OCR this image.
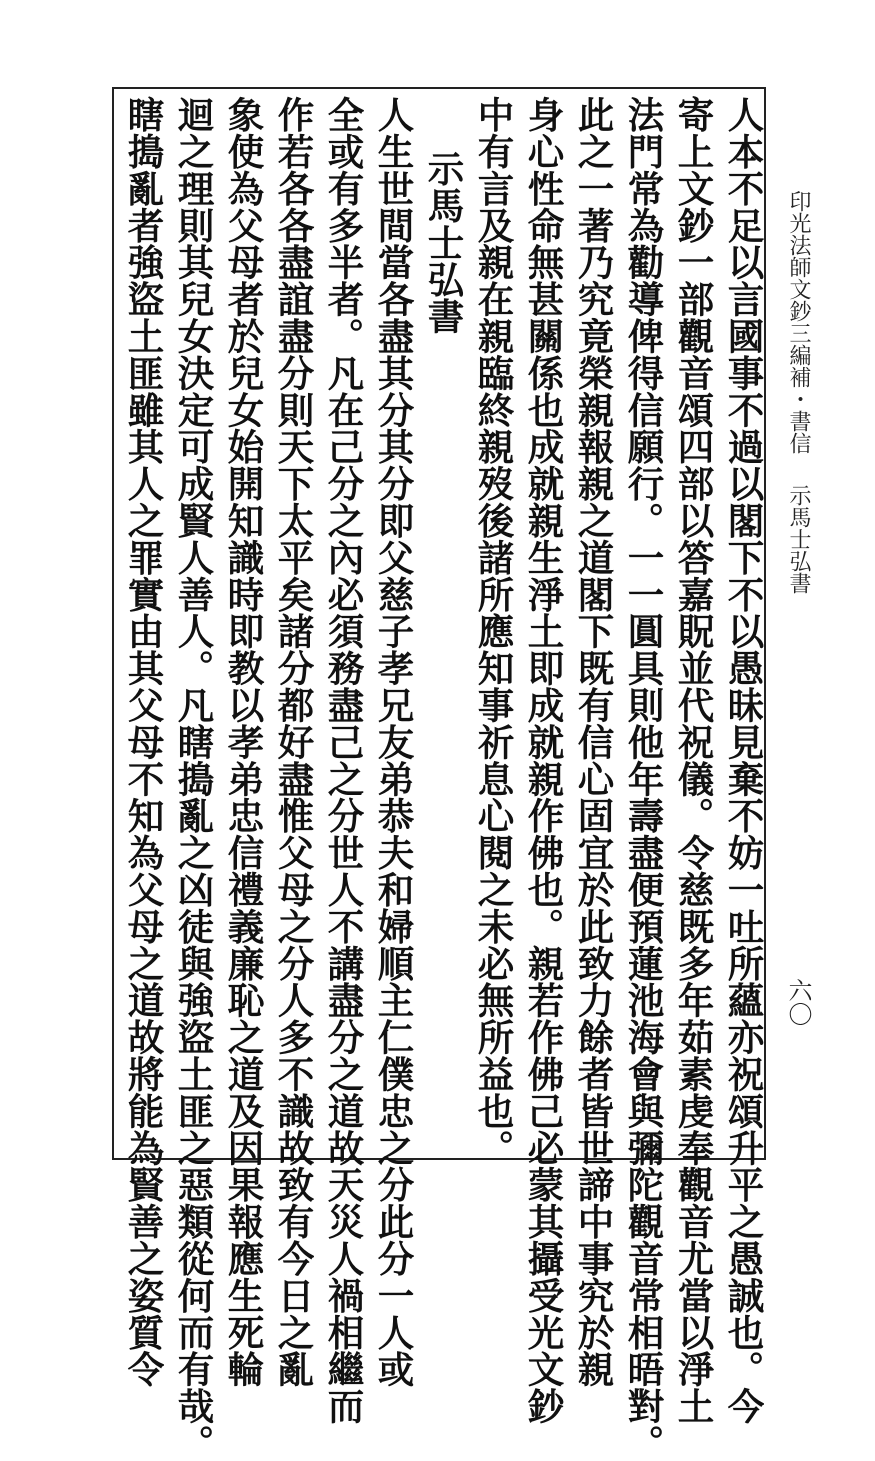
印光法師文鈔三編補・書信示馬士弘書
六〇
人本不足以言國事不過以閣下不以愚昧見棄不妨一吐所蘊亦祝頌升平之愚誠也。今
寄上文鈔一部觀音頌四部以答嘉貺並代祝儀。令慈既多年茹素虔奉觀音尤當以淨土
法門常為勸導俾得信願行。一一圓具則他年壽盡便預蓮池海會與彌陀觀音常相晤對。
此之一著乃究竟榮親報親之道閣下既有信心固宜於此致力餘者皆世諦中事究於親
身心性命無甚關係也成就親生淨土即成就親作佛也。親若作佛己必蒙其攝受光文鈔
中有言及親在親臨終親歿後諸所應知事祈息心閱之未必無所益也。
示馬士弘書
人生世間當各盡其分其分即父慈子孝兄友弟恭夫和婦順主仁僕忠之分此分一人或
全或有多半者。凡在己分之內必須務盡己之分世人不講盡分之道故天災人禍相繼而
作若各各盡誼盡分則天下太平矣諸分都好盡惟父母之分人多不識故致有今日之亂
象使為父母者於兒女始開知識時即教以孝弟忠信禮義廉恥之道及因果報應生死輪
迴之理則其兒女決定可成賢人善人。凡瞎搗亂之凶徒與強盜土匪之惡類從何而有哉。
瞎搗亂者強盜土匪雖其人之罪實由其父母不知為父母之道故將能為賢善之姿質令
